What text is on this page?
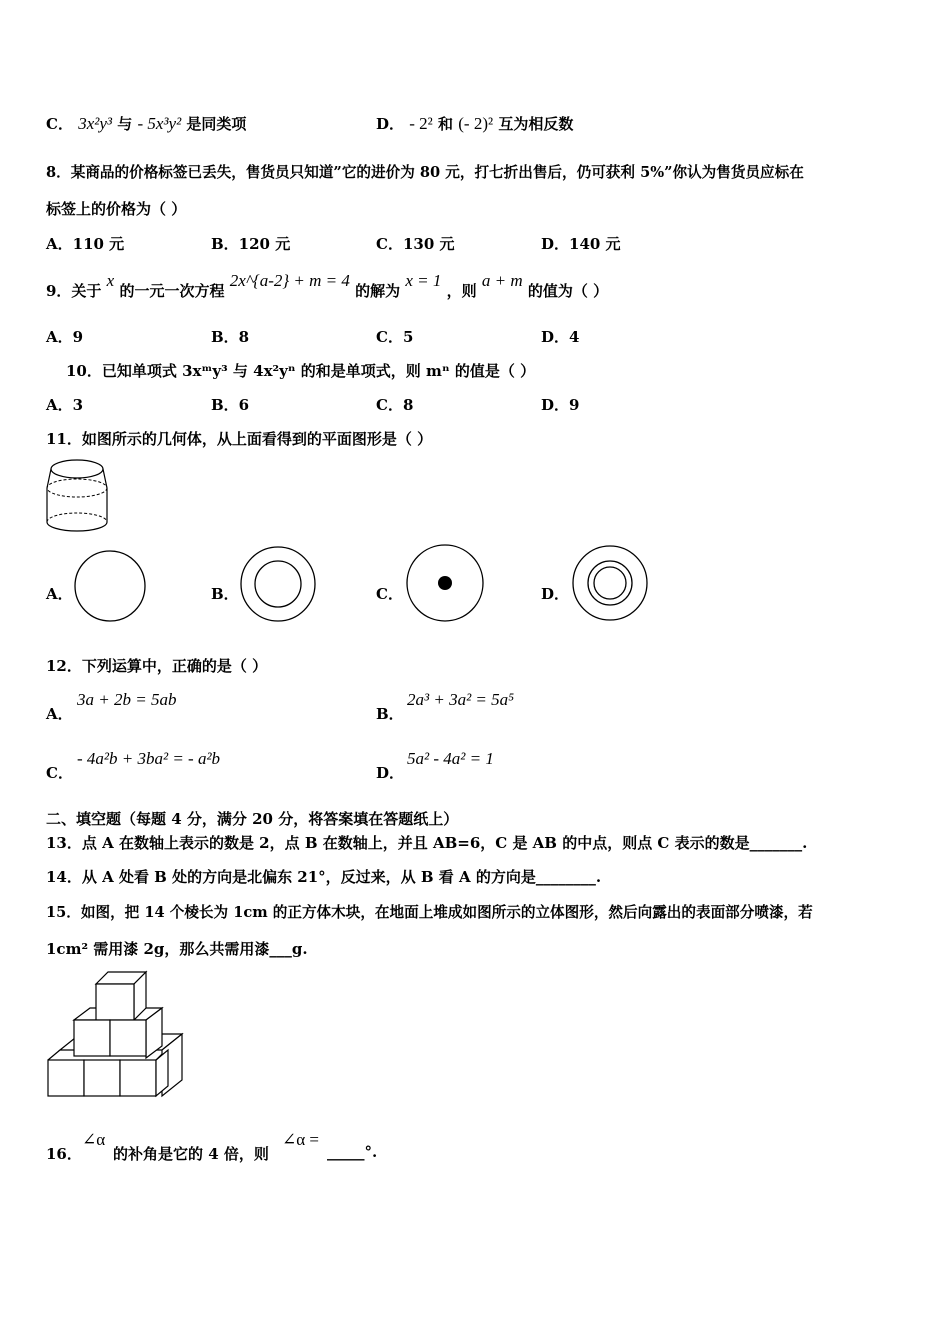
C． 3x²y³ 与 - 5x³y² 是同类项	D． - 2² 和 (- 2)² 互为相反数
8．某商品的价格标签已丢失，售货员只知道”它的进价为 80 元，打七折出售后，仍可获利 5%”你认为售货员应标在
标签上的价格为（ ）
A．110 元	B．120 元	C．130 元	D．140 元
9．关于 x 的一元一次方程 2x^{a-2} + m = 4 的解为 x = 1 ，则 a + m 的值为（ ）
A．9	B．8	C．5	D．4
10．已知单项式 3xᵐy³ 与 4x²yⁿ 的和是单项式，则 mⁿ 的值是（ ）
A．3	B．6	C．8	D．9
11．如图所示的几何体，从上面看得到的平面图形是（ ）
A．	B．	C．	D．
12．下列运算中，正确的是（ ）
A．
3a + 2b = 5ab
B．
2a³ + 3a² = 5a⁵
C．
- 4a²b + 3ba² = - a²b
D．
5a² - 4a² = 1
二、填空题（每题 4 分，满分 20 分，将答案填在答题纸上）
13．点 A 在数轴上表示的数是 2，点 B 在数轴上，并且 AB=6，C 是 AB 的中点，则点 C 表示的数是_______.
14．从 A 处看 B 处的方向是北偏东 21°，反过来，从 B 看 A 的方向是________.
15．如图，把 14 个棱长为 1cm 的正方体木块，在地面上堆成如图所示的立体图形，然后向露出的表面部分喷漆，若
1cm² 需用漆 2g，那么共需用漆___g.
16．
∠α
的补角是它的 4 倍，则
∠α =
_____°.
